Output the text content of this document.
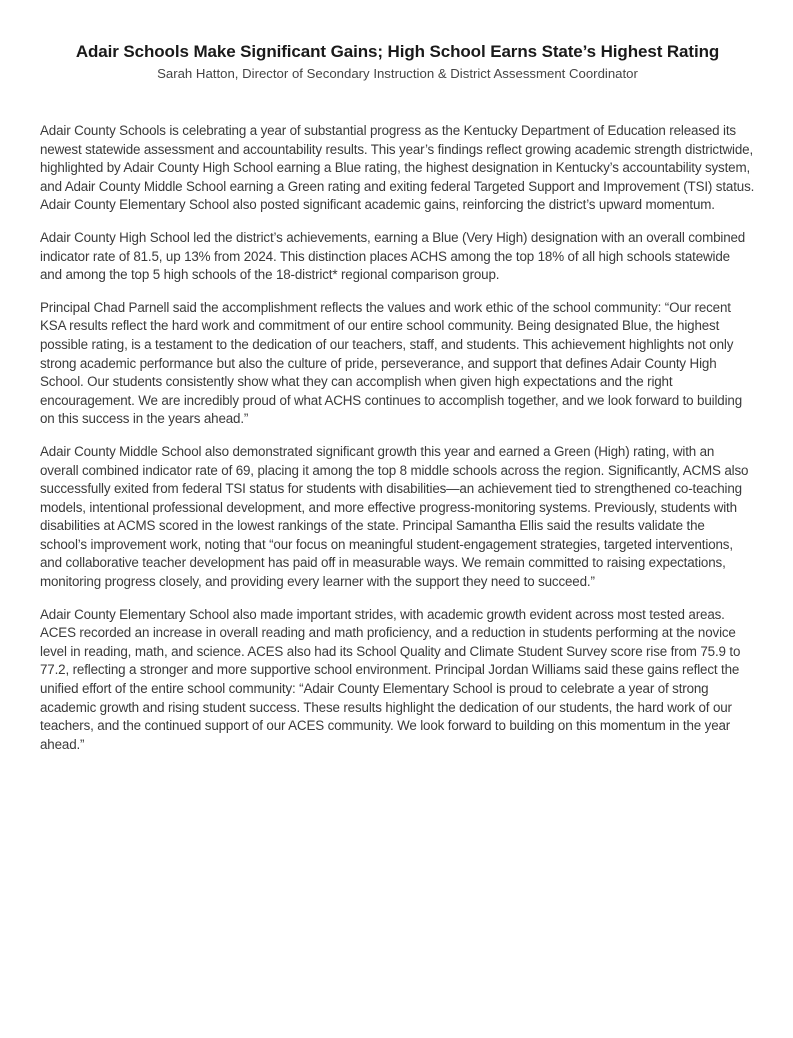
Adair Schools Make Significant Gains; High School Earns State’s Highest Rating

Sarah Hatton, Director of Secondary Instruction & District Assessment Coordinator

Adair County Schools is celebrating a year of substantial progress as the Kentucky Department of Education released its newest statewide assessment and accountability results. This year’s findings reflect growing academic strength districtwide, highlighted by Adair County High School earning a Blue rating, the highest designation in Kentucky’s accountability system, and Adair County Middle School earning a Green rating and exiting federal Targeted Support and Improvement (TSI) status. Adair County Elementary School also posted significant academic gains, reinforcing the district’s upward momentum.

Adair County High School led the district’s achievements, earning a Blue (Very High) designation with an overall combined indicator rate of 81.5, up 13% from 2024. This distinction places ACHS among the top 18% of all high schools statewide and among the top 5 high schools of the 18-district* regional comparison group.

Principal Chad Parnell said the accomplishment reflects the values and work ethic of the school community: “Our recent KSA results reflect the hard work and commitment of our entire school community. Being designated Blue, the highest possible rating, is a testament to the dedication of our teachers, staff, and students. This achievement highlights not only strong academic performance but also the culture of pride, perseverance, and support that defines Adair County High School. Our students consistently show what they can accomplish when given high expectations and the right encouragement. We are incredibly proud of what ACHS continues to accomplish together, and we look forward to building on this success in the years ahead.”

Adair County Middle School also demonstrated significant growth this year and earned a Green (High) rating, with an overall combined indicator rate of 69, placing it among the top 8 middle schools across the region. Significantly, ACMS also successfully exited from federal TSI status for students with disabilities—an achievement tied to strengthened co-teaching models, intentional professional development, and more effective progress-monitoring systems. Previously, students with disabilities at ACMS scored in the lowest rankings of the state. Principal Samantha Ellis said the results validate the school’s improvement work, noting that “our focus on meaningful student-engagement strategies, targeted interventions, and collaborative teacher development has paid off in measurable ways. We remain committed to raising expectations, monitoring progress closely, and providing every learner with the support they need to succeed.”

Adair County Elementary School also made important strides, with academic growth evident across most tested areas. ACES recorded an increase in overall reading and math proficiency, and a reduction in students performing at the novice level in reading, math, and science. ACES also had its School Quality and Climate Student Survey score rise from 75.9 to 77.2, reflecting a stronger and more supportive school environment. Principal Jordan Williams said these gains reflect the unified effort of the entire school community: “Adair County Elementary School is proud to celebrate a year of strong academic growth and rising student success. These results highlight the dedication of our students, the hard work of our teachers, and the continued support of our ACES community. We look forward to building on this momentum in the year ahead.”
